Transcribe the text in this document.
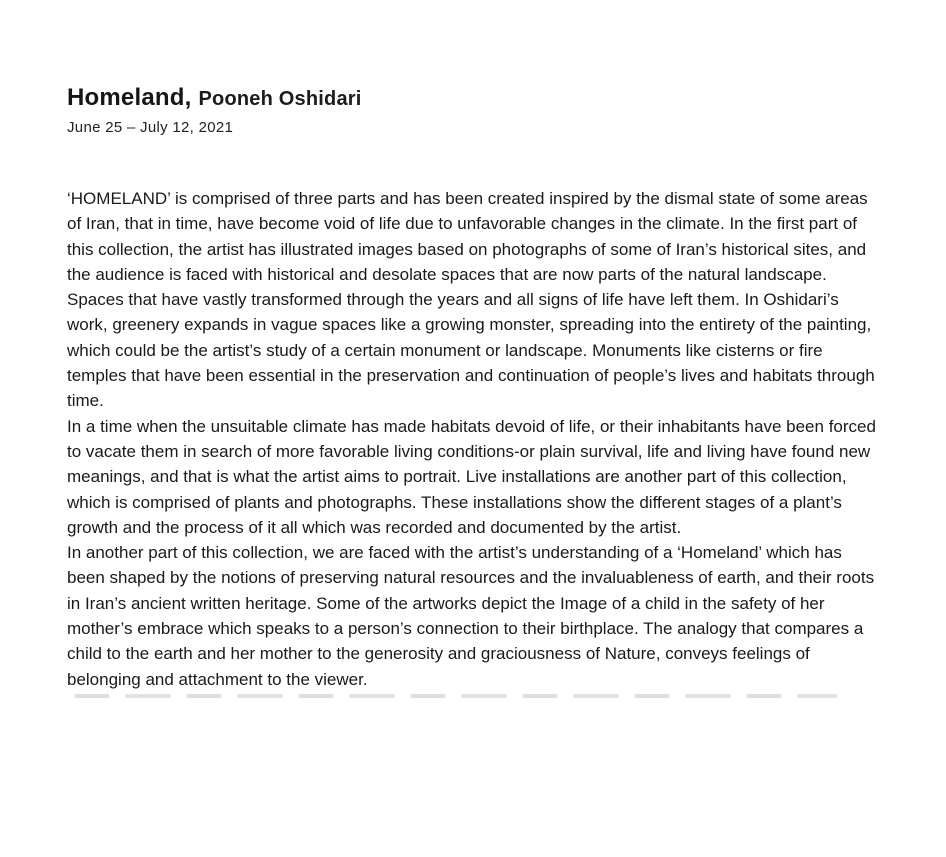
Homeland, Pooneh Oshidari
June 25 – July 12, 2021

‘HOMELAND’ is comprised of three parts and has been created inspired by the dismal state of some areas of Iran, that in time, have become void of life due to unfavorable changes in the climate. In the first part of this collection, the artist has illustrated images based on photographs of some of Iran’s historical sites, and the audience is faced with historical and desolate spaces that are now parts of the natural landscape. Spaces that have vastly transformed through the years and all signs of life have left them. In Oshidari’s work, greenery expands in vague spaces like a growing monster, spreading into the entirety of the painting, which could be the artist’s study of a certain monument or landscape. Monuments like cisterns or fire temples that have been essential in the preservation and continuation of people’s lives and habitats through time.

In a time when the unsuitable climate has made habitats devoid of life, or their inhabitants have been forced to vacate them in search of more favorable living conditions-or plain survival, life and living have found new meanings, and that is what the artist aims to portrait. Live installations are another part of this collection, which is comprised of plants and photographs. These installations show the different stages of a plant’s growth and the process of it all which was recorded and documented by the artist.

In another part of this collection, we are faced with the artist’s understanding of a ‘Homeland’ which has been shaped by the notions of preserving natural resources and the invaluableness of earth, and their roots in Iran’s ancient written heritage. Some of the artworks depict the Image of a child in the safety of her mother’s embrace which speaks to a person’s connection to their birthplace. The analogy that compares a child to the earth and her mother to the generosity and graciousness of Nature, conveys feelings of belonging and attachment to the viewer.
